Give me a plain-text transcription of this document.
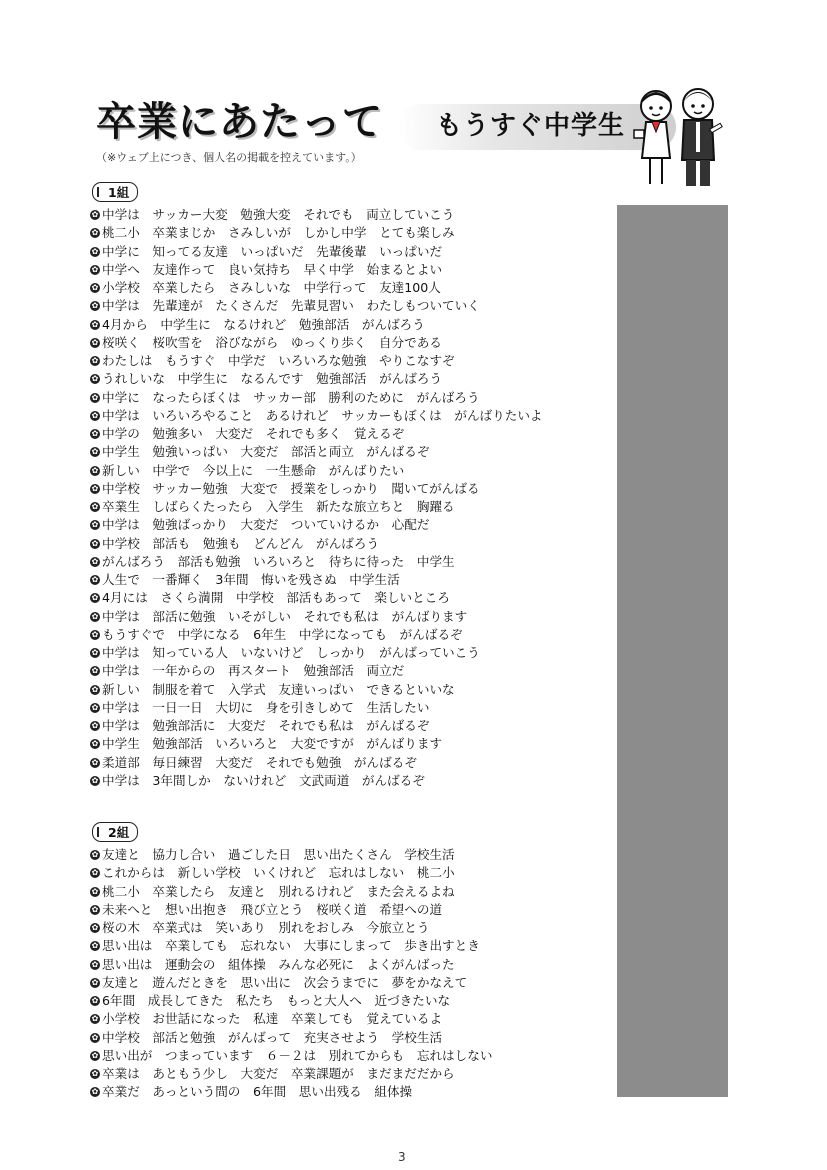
卒業にあたって もうすぐ中学生
（※ウェブ上につき、個人名の掲載を控えています。）
1組
✿ 中学は　サッカー大変　勉強大変　それでも　両立していこう
✿ 桃二小　卒業まじか　さみしいが　しかし中学　とても楽しみ
✿ 中学に　知ってる友達　いっぱいだ　先輩後輩　いっぱいだ
✿ 中学へ　友達作って　良い気持ち　早く中学　始まるとよい
✿ 小学校　卒業したら　さみしいな　中学行って　友達100人
✿ 中学は　先輩達が　たくさんだ　先輩見習い　わたしもついていく
✿ 4月から　中学生に　なるけれど　勉強部活　がんばろう
✿ 桜咲く　桜吹雪を　浴びながら　ゆっくり歩く　自分である
✿ わたしは　もうすぐ　中学だ　いろいろな勉強　やりこなすぞ
✿ うれしいな　中学生に　なるんです　勉強部活　がんばろう
✿ 中学に　なったらぼくは　サッカー部　勝利のために　がんばろう
✿ 中学は　いろいろやること　あるけれど　サッカーもぼくは　がんばりたいよ
✿ 中学の　勉強多い　大変だ　それでも多く　覚えるぞ
✿ 中学生　勉強いっぱい　大変だ　部活と両立　がんばるぞ
✿ 新しい　中学で　今以上に　一生懸命　がんばりたい
✿ 中学校　サッカー勉強　大変で　授業をしっかり　聞いてがんばる
✿ 卒業生　しばらくたったら　入学生　新たな旅立ちと　胸躍る
✿ 中学は　勉強ばっかり　大変だ　ついていけるか　心配だ
✿ 中学校　部活も　勉強も　どんどん　がんばろう
✿ がんばろう　部活も勉強　いろいろと　待ちに待った　中学生
✿ 人生で　一番輝く　3年間　悔いを残さぬ　中学生活
✿ 4月には　さくら満開　中学校　部活もあって　楽しいところ
✿ 中学は　部活に勉強　いそがしい　それでも私は　がんばります
✿ もうすぐで　中学になる　6年生　中学になっても　がんばるぞ
✿ 中学は　知っている人　いないけど　しっかり　がんばっていこう
✿ 中学は　一年からの　再スタート　勉強部活　両立だ
✿ 新しい　制服を着て　入学式　友達いっぱい　できるといいな
✿ 中学は　一日一日　大切に　身を引きしめて　生活したい
✿ 中学は　勉強部活に　大変だ　それでも私は　がんばるぞ
✿ 中学生　勉強部活　いろいろと　大変ですが　がんばります
✿ 柔道部　毎日練習　大変だ　それでも勉強　がんばるぞ
✿ 中学は　3年間しか　ないけれど　文武両道　がんばるぞ
2組
✿ 友達と　協力し合い　過ごした日　思い出たくさん　学校生活
✿ これからは　新しい学校　いくけれど　忘れはしない　桃二小
✿ 桃二小　卒業したら　友達と　別れるけれど　また会えるよね
✿ 未来へと　想い出抱き　飛び立とう　桜咲く道　希望への道
✿ 桜の木　卒業式は　笑いあり　別れをおしみ　今旅立とう
✿ 思い出は　卒業しても　忘れない　大事にしまって　歩き出すとき
✿ 思い出は　運動会の　組体操　みんな必死に　よくがんばった
✿ 友達と　遊んだときを　思い出に　次会うまでに　夢をかなえて
✿ 6年間　成長してきた　私たち　もっと大人へ　近づきたいな
✿ 小学校　お世話になった　私達　卒業しても　覚えているよ
✿ 中学校　部活と勉強　がんばって　充実させよう　学校生活
✿ 思い出が　つまっています　６－２は　別れてからも　忘れはしない
✿ 卒業は　あともう少し　大変だ　卒業課題が　まだまだだから
✿ 卒業だ　あっという間の　6年間　思い出残る　組体操
3
